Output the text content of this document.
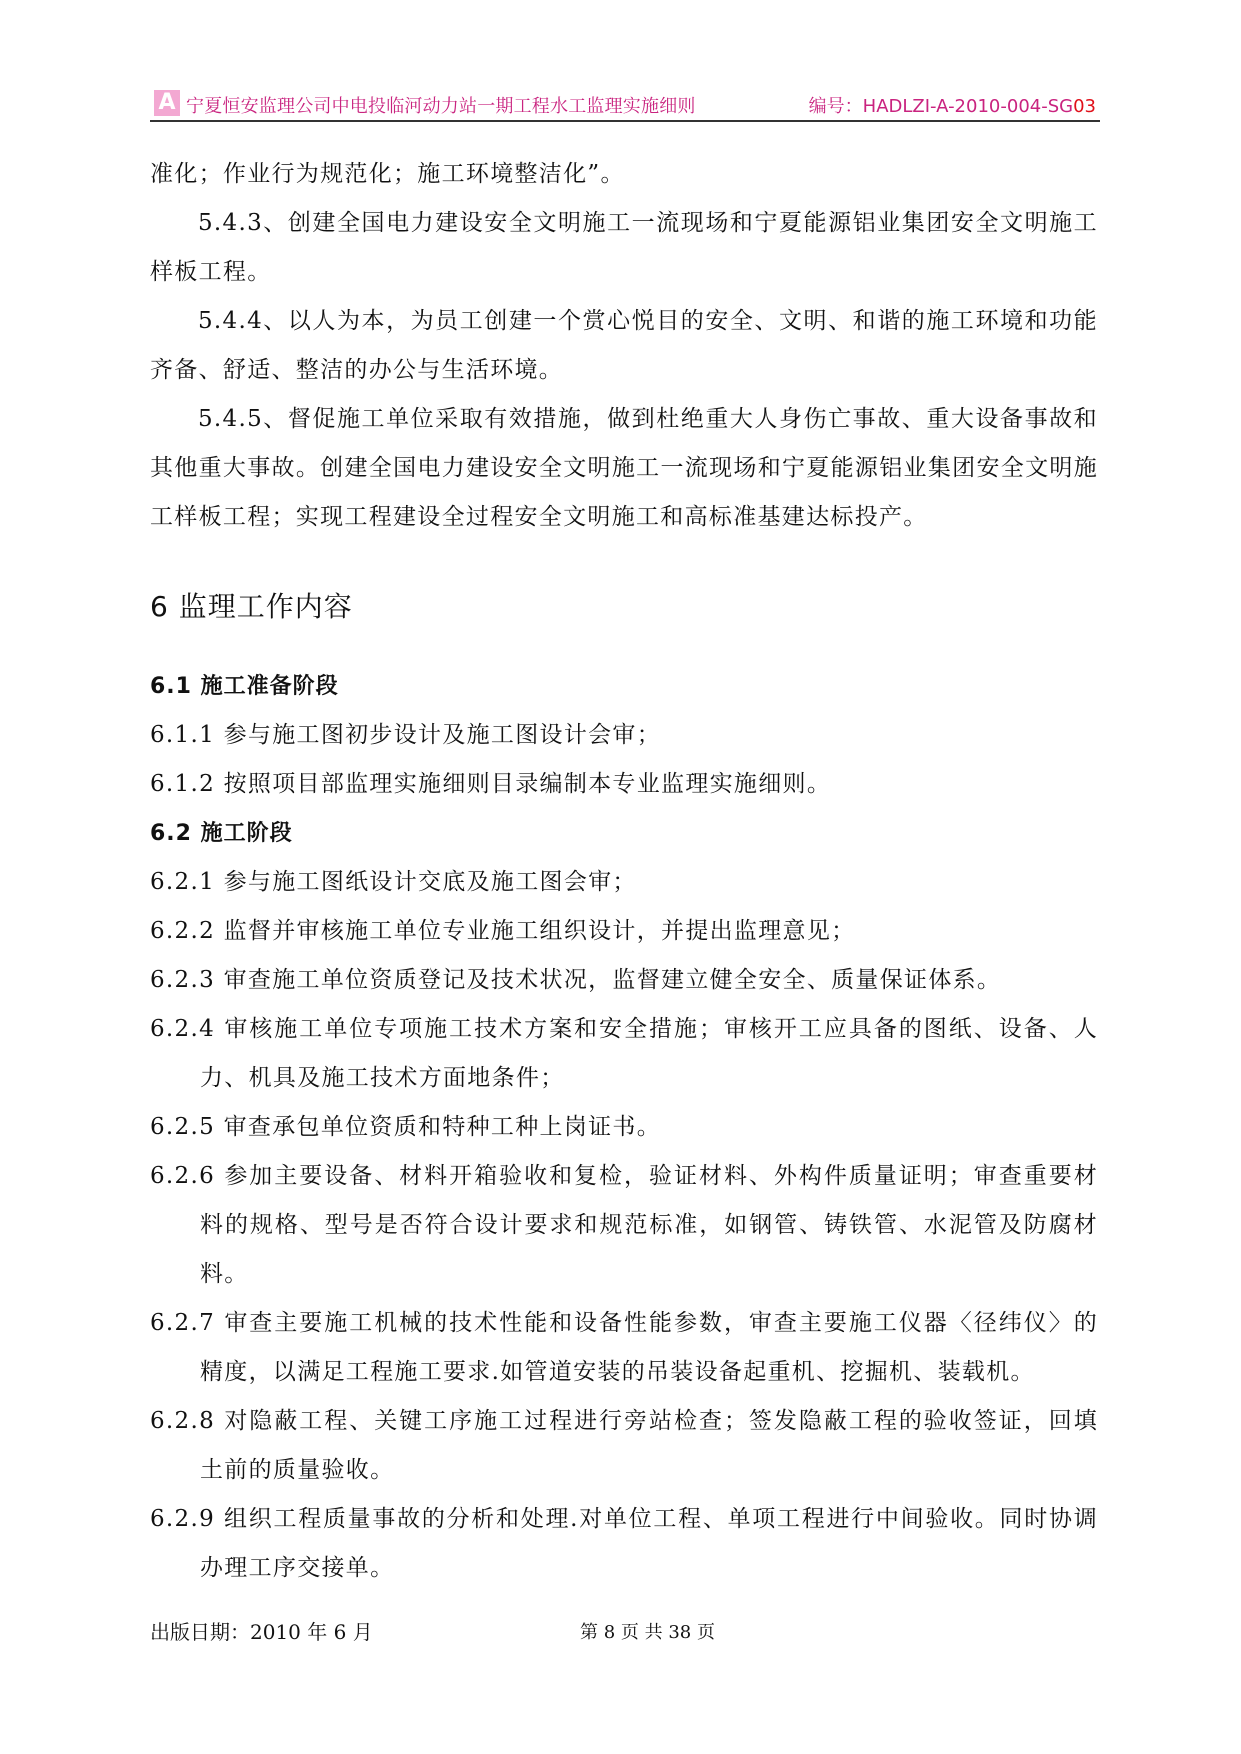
A 宁夏恒安监理公司中电投临河动力站一期工程水工监理实施细则	编号：HADLZⅠ-A-2010-004-SG03

准化；作业行为规范化；施工环境整洁化”。

5.4.3、创建全国电力建设安全文明施工一流现场和宁夏能源铝业集团安全文明施工样板工程。

5.4.4、以人为本，为员工创建一个赏心悦目的安全、文明、和谐的施工环境和功能齐备、舒适、整洁的办公与生活环境。

5.4.5、督促施工单位采取有效措施，做到杜绝重大人身伤亡事故、重大设备事故和其他重大事故。创建全国电力建设安全文明施工一流现场和宁夏能源铝业集团安全文明施工样板工程；实现工程建设全过程安全文明施工和高标准基建达标投产。

6 监理工作内容
6.1 施工准备阶段

6.1.1 参与施工图初步设计及施工图设计会审；

6.1.2 按照项目部监理实施细则目录编制本专业监理实施细则。

6.2 施工阶段

6.2.1 参与施工图纸设计交底及施工图会审；

6.2.2 监督并审核施工单位专业施工组织设计，并提出监理意见；

6.2.3 审查施工单位资质登记及技术状况，监督建立健全安全、质量保证体系。

6.2.4 审核施工单位专项施工技术方案和安全措施；审核开工应具备的图纸、设备、人力、机具及施工技术方面地条件；

6.2.5 审查承包单位资质和特种工种上岗证书。

6.2.6 参加主要设备、材料开箱验收和复检，验证材料、外构件质量证明；审查重要材料的规格、型号是否符合设计要求和规范标准，如钢管、铸铁管、水泥管及防腐材料。

6.2.7 审查主要施工机械的技术性能和设备性能参数，审查主要施工仪器〈径纬仪〉的精度，以满足工程施工要求.如管道安装的吊装设备起重机、挖掘机、装载机。

6.2.8 对隐蔽工程、关键工序施工过程进行旁站检查；签发隐蔽工程的验收签证，回填土前的质量验收。

6.2.9 组织工程质量事故的分析和处理.对单位工程、单项工程进行中间验收。同时协调办理工序交接单。

出版日期：2010 年 6 月	第 8 页 共 38 页
